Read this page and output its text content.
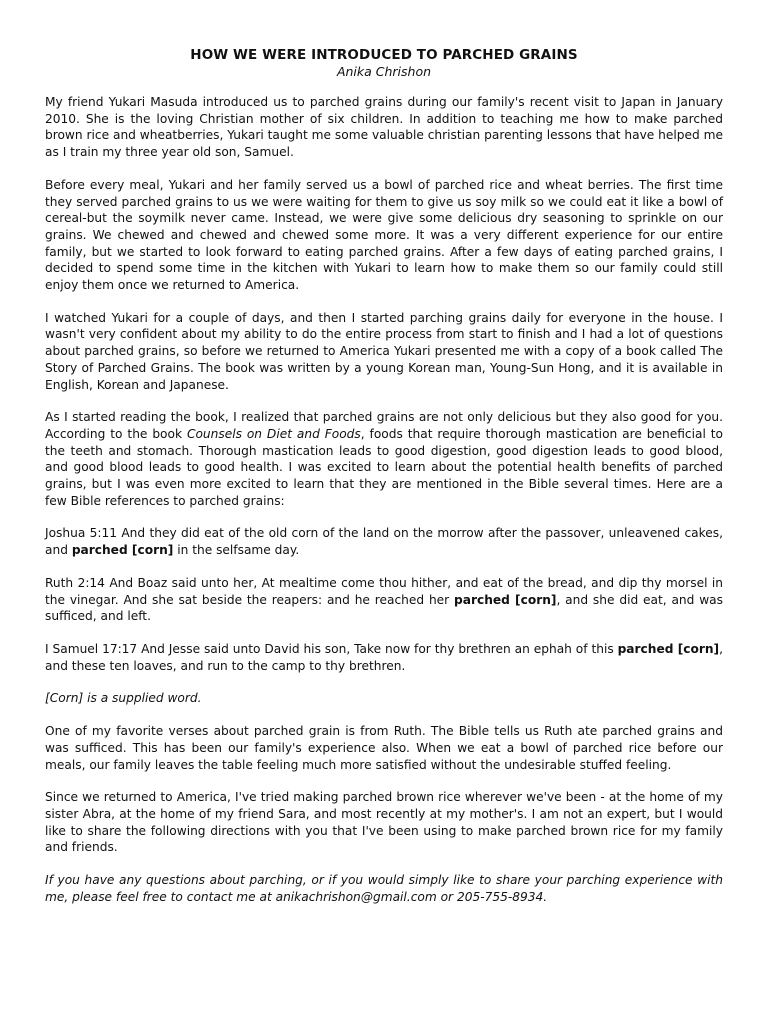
HOW WE WERE INTRODUCED TO PARCHED GRAINS
Anika Chrishon

My friend Yukari Masuda introduced us to parched grains during our family's recent visit to Japan in January 2010. She is the loving Christian mother of six children. In addition to teaching me how to make parched brown rice and wheatberries, Yukari taught me some valuable christian parenting lessons that have helped me as I train my three year old son, Samuel.

Before every meal, Yukari and her family served us a bowl of parched rice and wheat berries. The first time they served parched grains to us we were waiting for them to give us soy milk so we could eat it like a bowl of cereal-but the soymilk never came. Instead, we were give some delicious dry seasoning to sprinkle on our grains. We chewed and chewed and chewed some more. It was a very different experience for our entire family, but we started to look forward to eating parched grains. After a few days of eating parched grains, I decided to spend some time in the kitchen with Yukari to learn how to make them so our family could still enjoy them once we returned to America.

I watched Yukari for a couple of days, and then I started parching grains daily for everyone in the house. I wasn't very confident about my ability to do the entire process from start to finish and I had a lot of questions about parched grains, so before we returned to America Yukari presented me with a copy of a book called The Story of Parched Grains. The book was written by a young Korean man, Young-Sun Hong, and it is available in English, Korean and Japanese.

As I started reading the book, I realized that parched grains are not only delicious but they also good for you. According to the book Counsels on Diet and Foods, foods that require thorough mastication are beneficial to the teeth and stomach. Thorough mastication leads to good digestion, good digestion leads to good blood, and good blood leads to good health. I was excited to learn about the potential health benefits of parched grains, but I was even more excited to learn that they are mentioned in the Bible several times. Here are a few Bible references to parched grains:

Joshua 5:11 And they did eat of the old corn of the land on the morrow after the passover, unleavened cakes, and parched [corn] in the selfsame day.

Ruth 2:14 And Boaz said unto her, At mealtime come thou hither, and eat of the bread, and dip thy morsel in the vinegar. And she sat beside the reapers: and he reached her parched [corn], and she did eat, and was sufficed, and left.

I Samuel 17:17 And Jesse said unto David his son, Take now for thy brethren an ephah of this parched [corn], and these ten loaves, and run to the camp to thy brethren.

[Corn] is a supplied word.

One of my favorite verses about parched grain is from Ruth. The Bible tells us Ruth ate parched grains and was sufficed. This has been our family's experience also. When we eat a bowl of parched rice before our meals, our family leaves the table feeling much more satisfied without the undesirable stuffed feeling.

Since we returned to America, I've tried making parched brown rice wherever we've been - at the home of my sister Abra, at the home of my friend Sara, and most recently at my mother's. I am not an expert, but I would like to share the following directions with you that I've been using to make parched brown rice for my family and friends.

If you have any questions about parching, or if you would simply like to share your parching experience with me, please feel free to contact me at anikachrishon@gmail.com or 205-755-8934.
